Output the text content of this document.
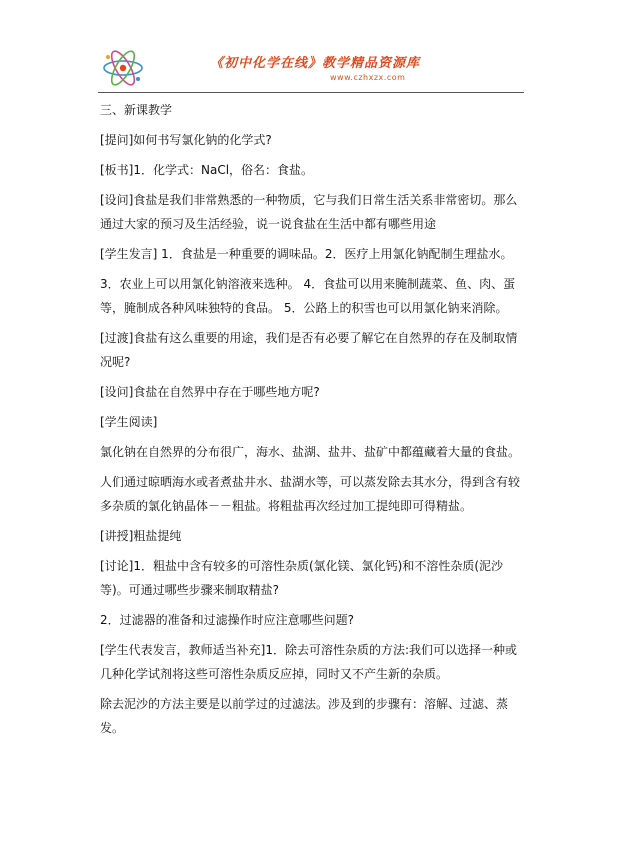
《初中化学在线》教学精品资源库
www.czhxzx.com

三、新课教学

[提问]如何书写氯化钠的化学式?

[板书]1．化学式：NaCl，俗名：食盐。

[设问]食盐是我们非常熟悉的一种物质，它与我们日常生活关系非常密切。那么通过大家的预习及生活经验，说一说食盐在生活中都有哪些用途

[学生发言] 1．食盐是一种重要的调味品。2．医疗上用氯化钠配制生理盐水。

3．农业上可以用氯化钠溶液来选种。 4．食盐可以用来腌制蔬菜、鱼、肉、蛋等，腌制成各种风味独特的食品。 5．公路上的积雪也可以用氯化钠来消除。

[过渡]食盐有这么重要的用途，我们是否有必要了解它在自然界的存在及制取情况呢?

[设问]食盐在自然界中存在于哪些地方呢?

[学生阅读]

氯化钠在自然界的分布很广，海水、盐湖、盐井、盐矿中都蕴藏着大量的食盐。

人们通过晾晒海水或者煮盐井水、盐湖水等，可以蒸发除去其水分，得到含有较多杂质的氯化钠晶体－－粗盐。将粗盐再次经过加工提纯即可得精盐。

[讲授]粗盐提纯

[讨论]1．粗盐中含有较多的可溶性杂质(氯化镁、氯化钙)和不溶性杂质(泥沙等)。可通过哪些步骤来制取精盐?

2．过滤器的准备和过滤操作时应注意哪些问题?

[学生代表发言，教师适当补充]1．除去可溶性杂质的方法:我们可以选择一种或几种化学试剂将这些可溶性杂质反应掉，同时又不产生新的杂质。

除去泥沙的方法主要是以前学过的过滤法。涉及到的步骤有：溶解、过滤、蒸发。
